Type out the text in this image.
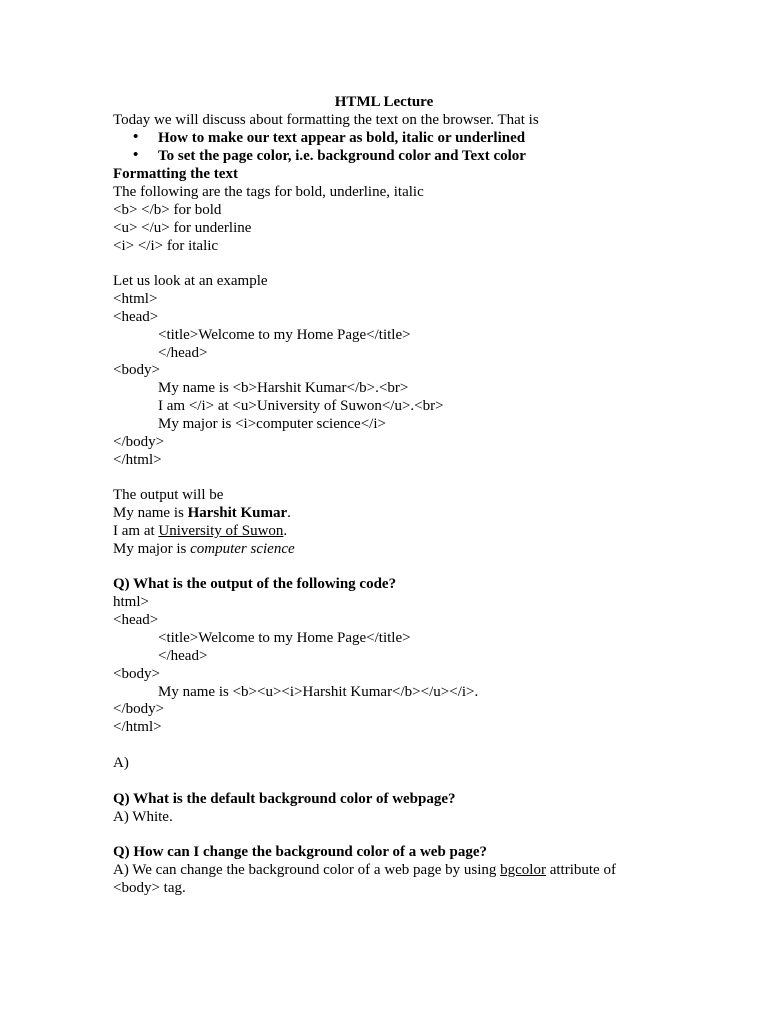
HTML Lecture

Today we will discuss about formatting the text on the browser. That is

• How to make our text appear as bold, italic or underlined

• To set the page color, i.e. background color and Text color

Formatting the text

The following are the tags for bold, underline, italic

<b> </b> for bold

<u> </u> for underline

<i> </i> for italic

Let us look at an example

<html>

<head>

<title>Welcome to my Home Page</title>

</head>

<body>

My name is <b>Harshit Kumar</b>.<br>

I am </i> at <u>University of Suwon</u>.<br>

My major is <i>computer science</i>

</body>

</html>

The output will be

My name is Harshit Kumar.

I am at University of Suwon.

My major is computer science

Q) What is the output of the following code?

html>

<head>

<title>Welcome to my Home Page</title>

</head>

<body>

My name is <b><u><i>Harshit Kumar</b></u></i>.

</body>

</html>

A)

Q) What is the default background color of webpage?

A) White.

Q) How can I change the background color of a web page?

A) We can change the background color of a web page by using bgcolor attribute of

<body> tag.
